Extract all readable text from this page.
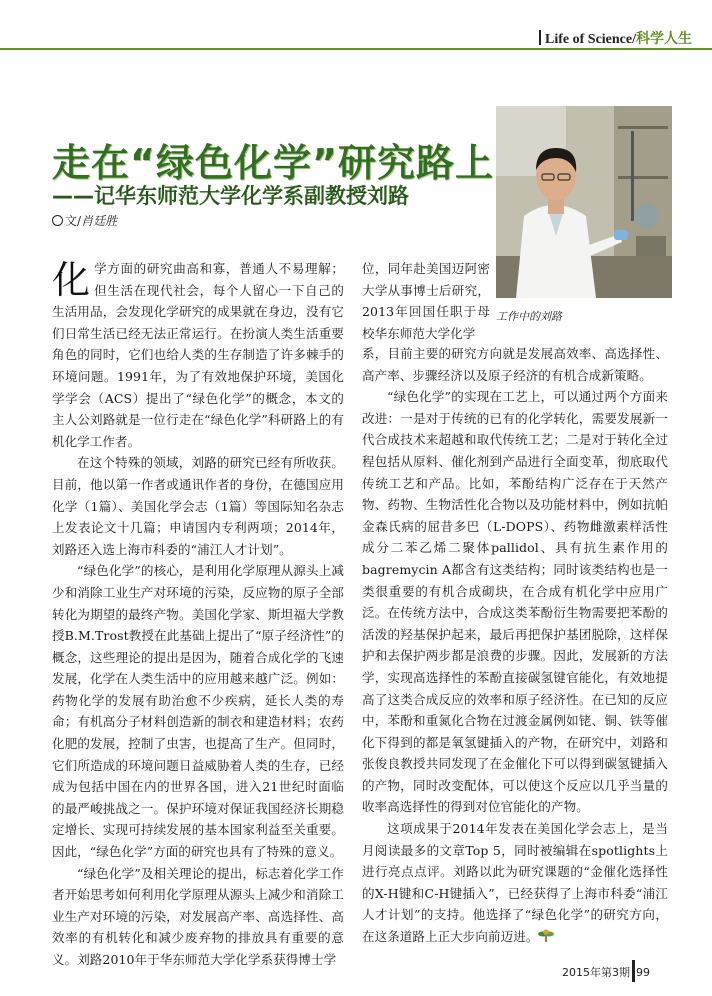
Life of Science/科学人生
走在“绿色化学”研究路上
——记华东师范大学化学系副教授刘路
文/肖廷胜
工作中的刘路

化学方面的研究曲高和寡，普通人不易理解；但生活在现代社会，每个人留心一下自己的生活用品，会发现化学研究的成果就在身边，没有它们日常生活已经无法正常运行。在扮演人类生活重要角色的同时，它们也给人类的生存制造了许多棘手的环境问题。1991年，为了有效地保护环境，美国化学学会（ACS）提出了“绿色化学”的概念，本文的主人公刘路就是一位行走在“绿色化学”科研路上的有机化学工作者。

在这个特殊的领域，刘路的研究已经有所收获。目前，他以第一作者或通讯作者的身份，在德国应用化学（1篇）、美国化学会志（1篇）等国际知名杂志上发表论文十几篇；申请国内专利两项；2014年，刘路还入选上海市科委的“浦江人才计划”。

“绿色化学”的核心，是利用化学原理从源头上减少和消除工业生产对环境的污染，反应物的原子全部转化为期望的最终产物。美国化学家、斯坦福大学教授B.M.Trost教授在此基础上提出了“原子经济性”的概念，这些理论的提出是因为，随着合成化学的飞速发展，化学在人类生活中的应用越来越广泛。例如：药物化学的发展有助治愈不少疾病，延长人类的寿命；有机高分子材料创造新的制衣和建造材料；农药化肥的发展，控制了虫害，也提高了生产。但同时，它们所造成的环境问题日益威胁着人类的生存，已经成为包括中国在内的世界各国，进入21世纪时面临的最严峻挑战之一。保护环境对保证我国经济长期稳定增长、实现可持续发展的基本国家利益至关重要。因此，“绿色化学”方面的研究也具有了特殊的意义。

“绿色化学”及相关理论的提出，标志着化学工作者开始思考如何利用化学原理从源头上减少和消除工业生产对环境的污染，对发展高产率、高选择性、高效率的有机转化和减少废弃物的排放具有重要的意义。刘路2010年于华东师范大学化学系获得博士学

位，同年赴美国迈阿密大学从事博士后研究，2013年回国任职于母校华东师范大学化学

系，目前主要的研究方向就是发展高效率、高选择性、高产率、步骤经济以及原子经济的有机合成新策略。

“绿色化学”的实现在工艺上，可以通过两个方面来改进：一是对于传统的已有的化学转化，需要发展新一代合成技术来超越和取代传统工艺；二是对于转化全过程包括从原料、催化剂到产品进行全面变革，彻底取代传统工艺和产品。比如，苯酚结构广泛存在于天然产物、药物、生物活性化合物以及功能材料中，例如抗帕金森氏病的屈昔多巴（L-DOPS）、药物雌激素样活性成分二苯乙烯二聚体pallidol、具有抗生素作用的bagremycin A都含有这类结构；同时该类结构也是一类很重要的有机合成砌块，在合成有机化学中应用广泛。在传统方法中，合成这类苯酚衍生物需要把苯酚的活泼的羟基保护起来，最后再把保护基团脱除，这样保护和去保护两步都是浪费的步骤。因此，发展新的方法学，实现高选择性的苯酚直接碳氢键官能化，有效地提高了这类合成反应的效率和原子经济性。在已知的反应中，苯酚和重氮化合物在过渡金属例如铑、铜、铁等催化下得到的都是氧氢键插入的产物，在研究中，刘路和张俊良教授共同发现了在金催化下可以得到碳氢键插入的产物，同时改变配体，可以使这个反应以几乎当量的收率高选择性的得到对位官能化的产物。

这项成果于2014年发表在美国化学会志上，是当月阅读最多的文章Top 5，同时被编辑在spotlights上进行亮点点评。刘路以此为研究课题的“金催化选择性的X-H键和C-H键插入”，已经获得了上海市科委“浦江人才计划”的支持。他选择了“绿色化学”的研究方向，在这条道路上正大步向前迈进。

2015年第3期 99
